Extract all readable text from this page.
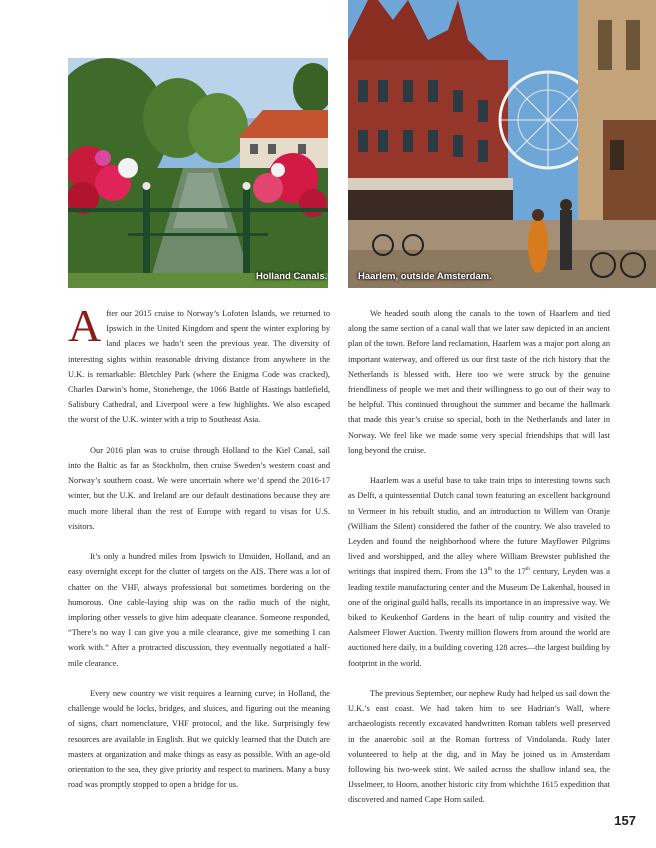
Holland Canals.	Haarlem, outside Amsterdam.

After our 2015 cruise to Norway’s Lofoten Islands, we returned to Ipswich in the United Kingdom and spent the winter exploring by land places we hadn’t seen the previous year. The diversity of interesting sights within reasonable driving distance from anywhere in the U.K. is remarkable: Bletchley Park (where the Enigma Code was cracked), Charles Darwin’s home, Stonehenge, the 1066 Battle of Hastings battlefield, Salisbury Cathedral, and Liverpool were a few highlights. We also escaped the worst of the U.K. winter with a trip to Southeast Asia.

Our 2016 plan was to cruise through Holland to the Kiel Canal, sail into the Baltic as far as Stockholm, then cruise Sweden’s western coast and Norway’s southern coast. We were uncertain where we’d spend the 2016-17 winter, but the U.K. and Ireland are our default destinations because they are much more liberal than the rest of Europe with regard to visas for U.S. visitors.

It’s only a hundred miles from Ipswich to IJmuiden, Holland, and an easy overnight except for the clutter of targets on the AIS. There was a lot of chatter on the VHF, always professional but sometimes bordering on the humorous. One cable-laying ship was on the radio much of the night, imploring other vessels to give him adequate clearance. Someone responded, “There’s no way I can give you a mile clearance, give me something I can work with.” After a protracted discussion, they eventually negotiated a half-mile clearance.

Every new country we visit requires a learning curve; in Holland, the challenge would be locks, bridges, and sluices, and figuring out the meaning of signs, chart nomenclature, VHF protocol, and the like. Surprisingly few resources are available in English. But we quickly learned that the Dutch are masters at organization and make things as easy as possible. With an age-old orientation to the sea, they give priority and respect to mariners. Many a busy road was promptly stopped to open a bridge for us.

We headed south along the canals to the town of Haarlem and tied along the same section of a canal wall that we later saw depicted in an ancient plan of the town. Before land reclamation, Haarlem was a major port along an important waterway, and offered us our first taste of the rich history that the Netherlands is blessed with. Here too we were struck by the genuine friendliness of people we met and their willingness to go out of their way to be helpful. This continued throughout the summer and became the hallmark that made this year’s cruise so special, both in the Netherlands and later in Norway. We feel like we made some very special friendships that will last long beyond the cruise.

Haarlem was a useful base to take train trips to interesting towns such as Delft, a quintessential Dutch canal town featuring an excellent background to Vermeer in his rebuilt studio, and an introduction to Willem van Oranje (William the Silent) considered the father of the country. We also traveled to Leyden and found the neighborhood where the future Mayflower Pilgrims lived and worshipped, and the alley where William Brewster published the writings that inspired them. From the 13th to the 17th century, Leyden was a leading textile manufacturing center and the Museum De Lakenhal, housed in one of the original guild halls, recalls its importance in an impressive way. We biked to Keukenhof Gardens in the heart of tulip country and visited the Aalsmeer Flower Auction. Twenty million flowers from around the world are auctioned here daily, in a building covering 128 acres—the largest building by footprint in the world.

The previous September, our nephew Rudy had helped us sail down the U.K.’s east coast. We had taken him to see Hadrian’s Wall, where archaeologists recently excavated handwritten Roman tablets well preserved in the anaerobic soil at the Roman fortress of Vindolanda. Rudy later volunteered to help at the dig, and in May he joined us in Amsterdam following his two-week stint. We sailed across the shallow inland sea, the IJsselmeer, to Hoorn, another historic city from whichthe 1615 expedition that discovered and named Cape Horn sailed.

157
